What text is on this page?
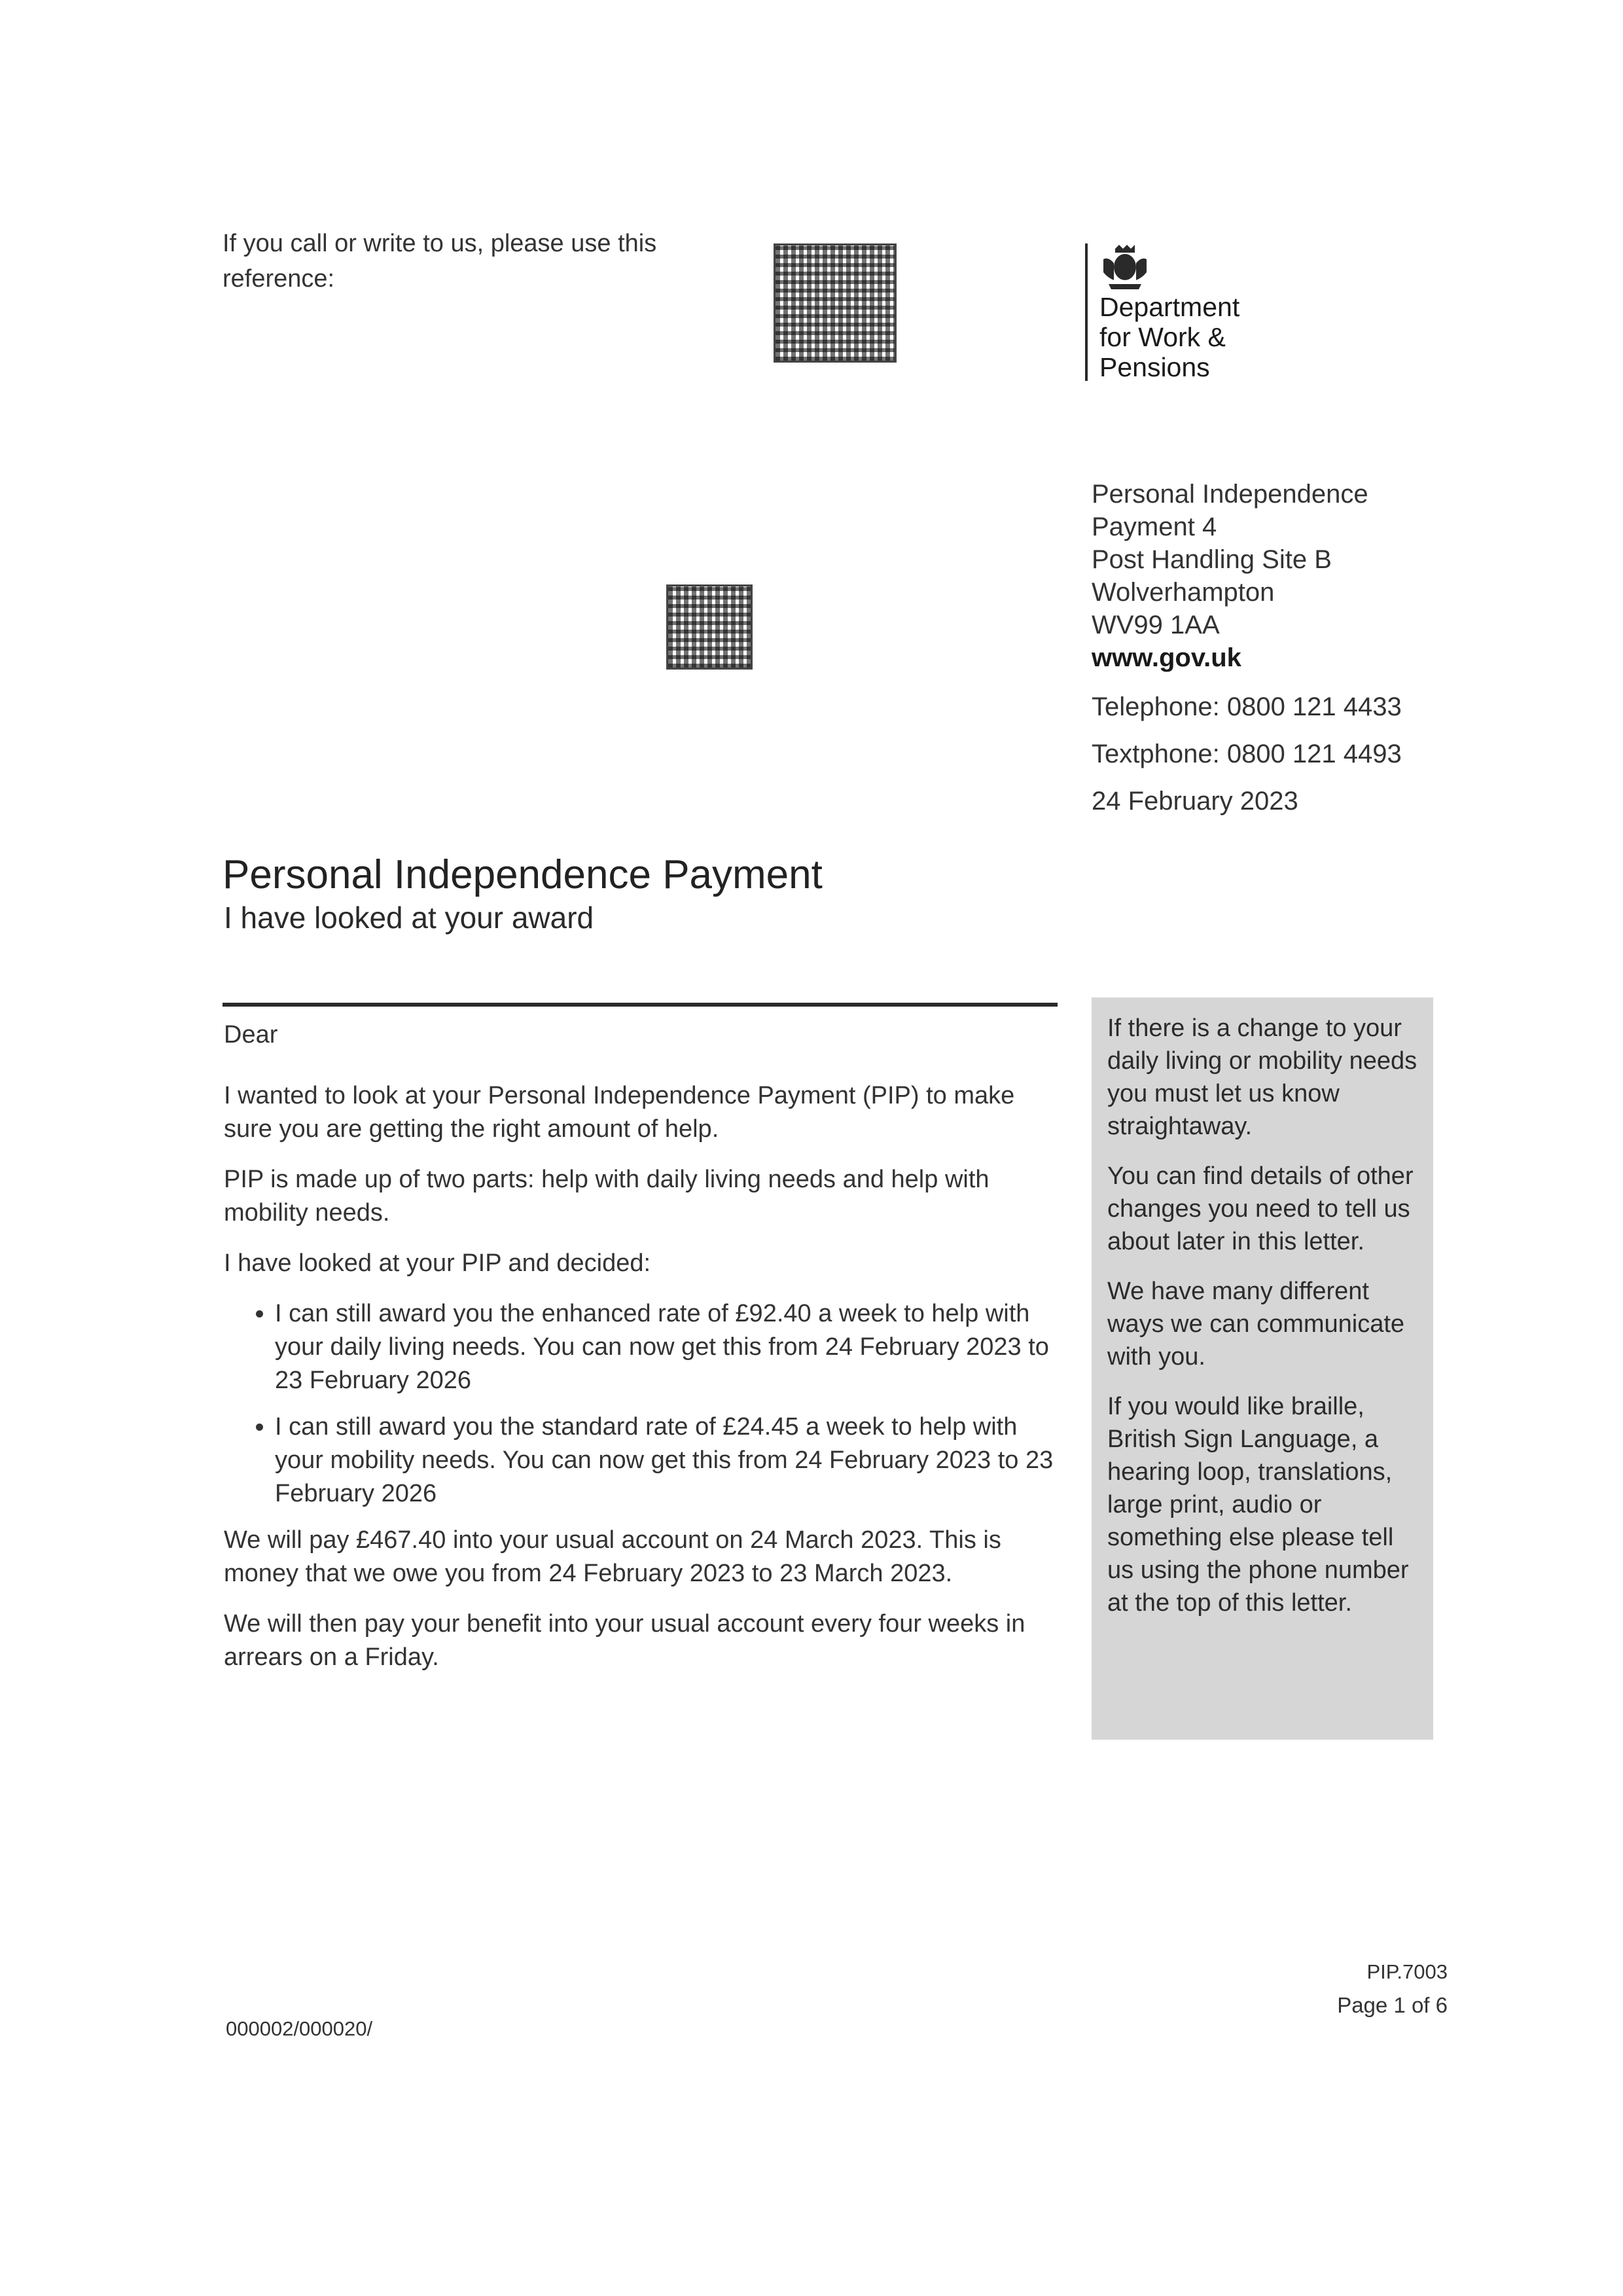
If you call or write to us, please use this reference:
Department
for Work &
Pensions
Personal Independence
Payment 4
Post Handling Site B
Wolverhampton
WV99 1AA
www.gov.uk
Telephone: 0800 121 4433
Textphone: 0800 121 4493
24 February 2023
Personal Independence Payment
I have looked at your award

Dear

I wanted to look at your Personal Independence Payment (PIP) to make sure you are getting the right amount of help.

PIP is made up of two parts: help with daily living needs and help with mobility needs.

I have looked at your PIP and decided:

• I can still award you the enhanced rate of £92.40 a week to help with your daily living needs. You can now get this from 24 February 2023 to 23 February 2026
• I can still award you the standard rate of £24.45 a week to help with your mobility needs. You can now get this from 24 February 2023 to 23 February 2026

We will pay £467.40 into your usual account on 24 March 2023. This is money that we owe you from 24 February 2023 to 23 March 2023.

We will then pay your benefit into your usual account every four weeks in arrears on a Friday.

If there is a change to your daily living or mobility needs you must let us know straightaway.

You can find details of other changes you need to tell us about later in this letter.

We have many different ways we can communicate with you.

If you would like braille, British Sign Language, a hearing loop, translations, large print, audio or something else please tell us using the phone number at the top of this letter.

PIP.7003
Page 1 of 6
000002/000020/
